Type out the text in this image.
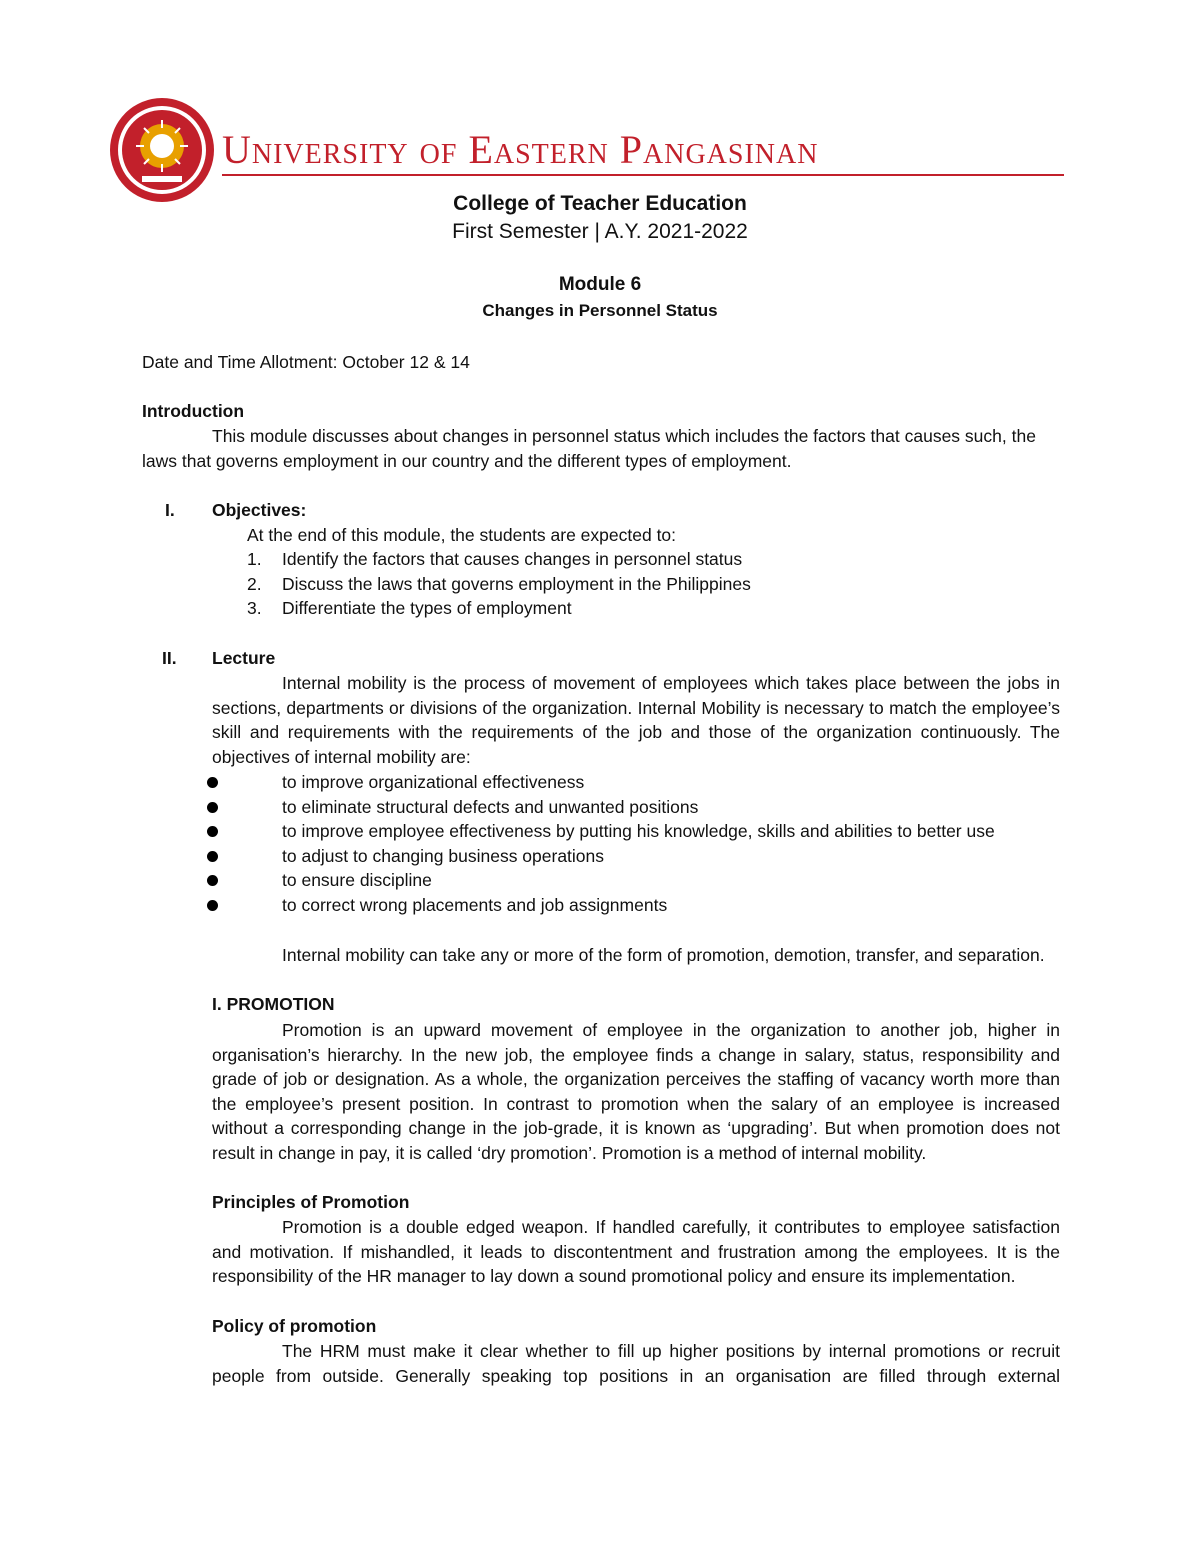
University of Eastern Pangasinan
College of Teacher Education
First Semester | A.Y. 2021-2022
Module 6
Changes in Personnel Status
Date and Time Allotment: October 12 & 14
Introduction
This module discusses about changes in personnel status which includes the factors that causes such, the laws that governs employment in our country and the different types of employment.
I. Objectives:
At the end of this module, the students are expected to:
1. Identify the factors that causes changes in personnel status
2. Discuss the laws that governs employment in the Philippines
3. Differentiate the types of employment
II. Lecture
Internal mobility is the process of movement of employees which takes place between the jobs in sections, departments or divisions of the organization. Internal Mobility is necessary to match the employee’s skill and requirements with the requirements of the job and those of the organization continuously. The objectives of internal mobility are:
to improve organizational effectiveness
to eliminate structural defects and unwanted positions
to improve employee effectiveness by putting his knowledge, skills and abilities to better use
to adjust to changing business operations
to ensure discipline
to correct wrong placements and job assignments
Internal mobility can take any or more of the form of promotion, demotion, transfer, and separation.
I. PROMOTION
Promotion is an upward movement of employee in the organization to another job, higher in organisation’s hierarchy. In the new job, the employee finds a change in salary, status, responsibility and grade of job or designation. As a whole, the organization perceives the staffing of vacancy worth more than the employee’s present position. In contrast to promotion when the salary of an employee is increased without a corresponding change in the job-grade, it is known as ‘upgrading’. But when promotion does not result in change in pay, it is called ‘dry promotion’. Promotion is a method of internal mobility.
Principles of Promotion
Promotion is a double edged weapon. If handled carefully, it contributes to employee satisfaction and motivation. If mishandled, it leads to discontentment and frustration among the employees. It is the responsibility of the HR manager to lay down a sound promotional policy and ensure its implementation.
Policy of promotion
The HRM must make it clear whether to fill up higher positions by internal promotions or recruit people from outside. Generally speaking top positions in an organisation are filled through external
